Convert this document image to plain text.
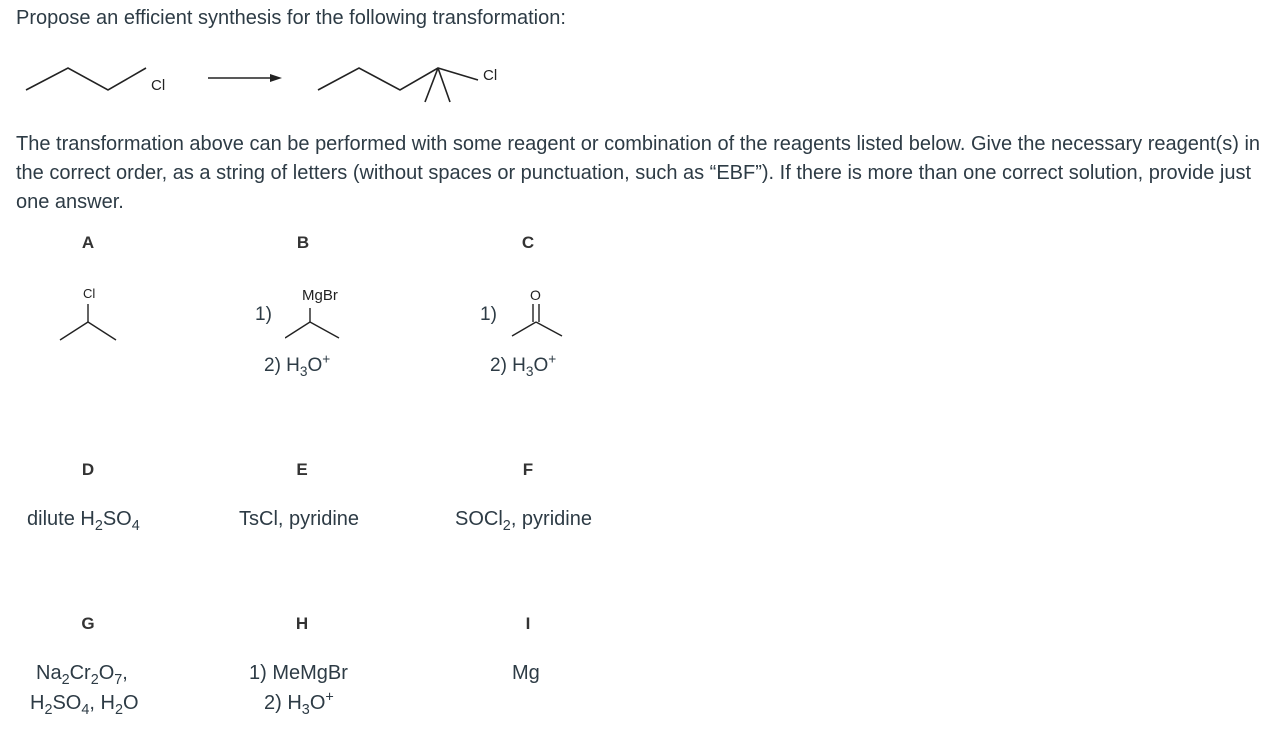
Propose an efficient synthesis for the following transformation:
Cl
Cl
The transformation above can be performed with some reagent or combination of the reagents listed below. Give the necessary reagent(s) in the correct order, as a string of letters (without spaces or punctuation, such as “EBF”). If there is more than one correct solution, provide just one answer.
A	B	C
Cl
1)
MgBr
2) $H_3O^+$
1)
O
2) $H_3O^+$
D	E	F
dilute $H_2SO_4$	TsCl, pyridine	SOCl$_2$, pyridine
G	H	I
$Na_2Cr_2O_7$,
$H_2SO_4$, $H_2O$
1) MeMgBr
2) $H_3O^+$
Mg
